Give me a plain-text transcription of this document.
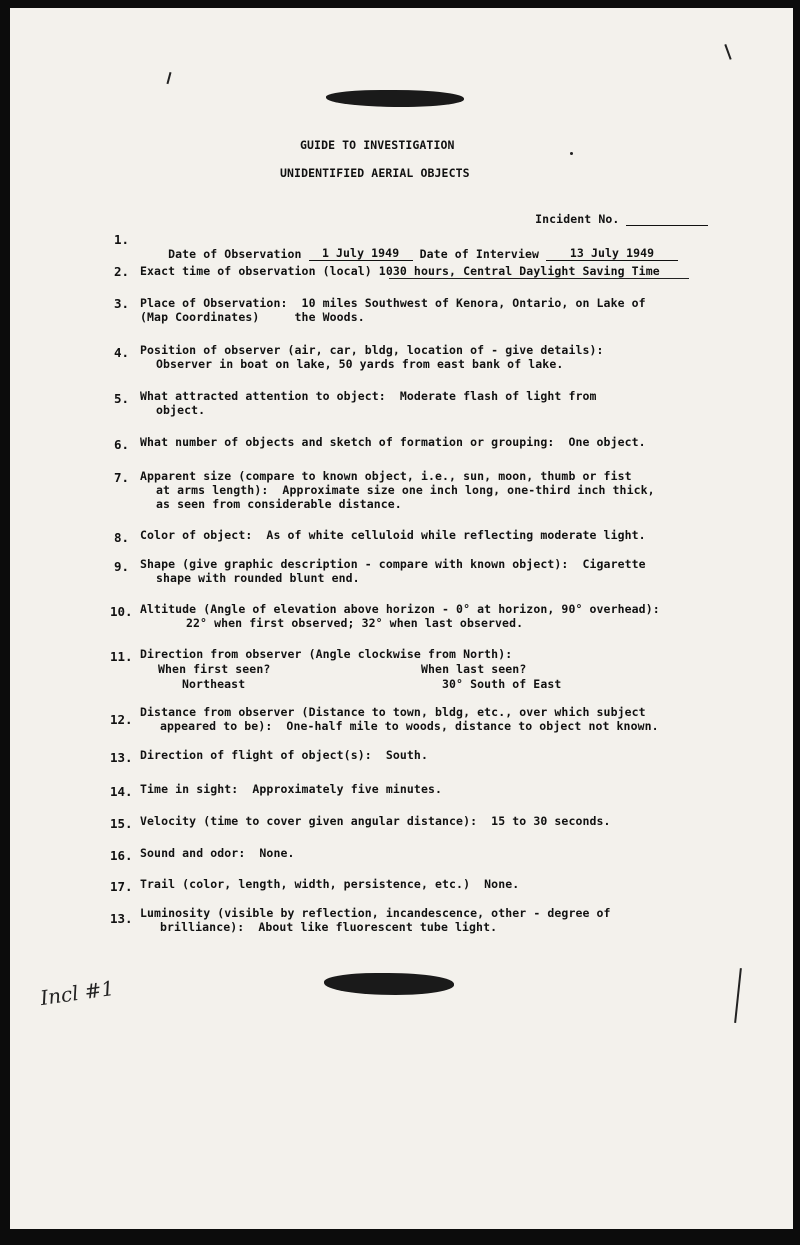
GUIDE TO INVESTIGATION
UNIDENTIFIED AERIAL OBJECTS

Incident No.

1.

Date of Observation 1 July 1949 Date of Interview	13 July 1949

2. Exact time of observation (local) 1030 hours, Central Daylight Saving Time
3. Place of Observation:  10 miles Southwest of Kenora, Ontario, on Lake of
(Map Coordinates)     the Woods.
4. Position of observer (air, car, bldg, location of - give details):
Observer in boat on lake, 50 yards from east bank of lake.
5. What attracted attention to object:  Moderate flash of light from
object.
6. What number of objects and sketch of formation or grouping:  One object.
7. Apparent size (compare to known object, i.e., sun, moon, thumb or fist
at arms length):  Approximate size one inch long, one-third inch thick,
as seen from considerable distance.
8. Color of object:  As of white celluloid while reflecting moderate light.
9. Shape (give graphic description - compare with known object):  Cigarette
shape with rounded blunt end.
10. Altitude (Angle of elevation above horizon - 0° at horizon, 90° overhead):
22° when first observed; 32° when last observed.
11. Direction from observer (Angle clockwise from North):
When first seen?	When last seen?
Northeast	30° South of East
12. Distance from observer (Distance to town, bldg, etc., over which subject
appeared to be):  One-half mile to woods, distance to object not known.
13. Direction of flight of object(s):  South.
14. Time in sight:  Approximately five minutes.
15. Velocity (time to cover given angular distance):  15 to 30 seconds.
16. Sound and odor:  None.
17. Trail (color, length, width, persistence, etc.)  None.
13. Luminosity (visible by reflection, incandescence, other - degree of
brilliance):  About like fluorescent tube light.
Incl #1
